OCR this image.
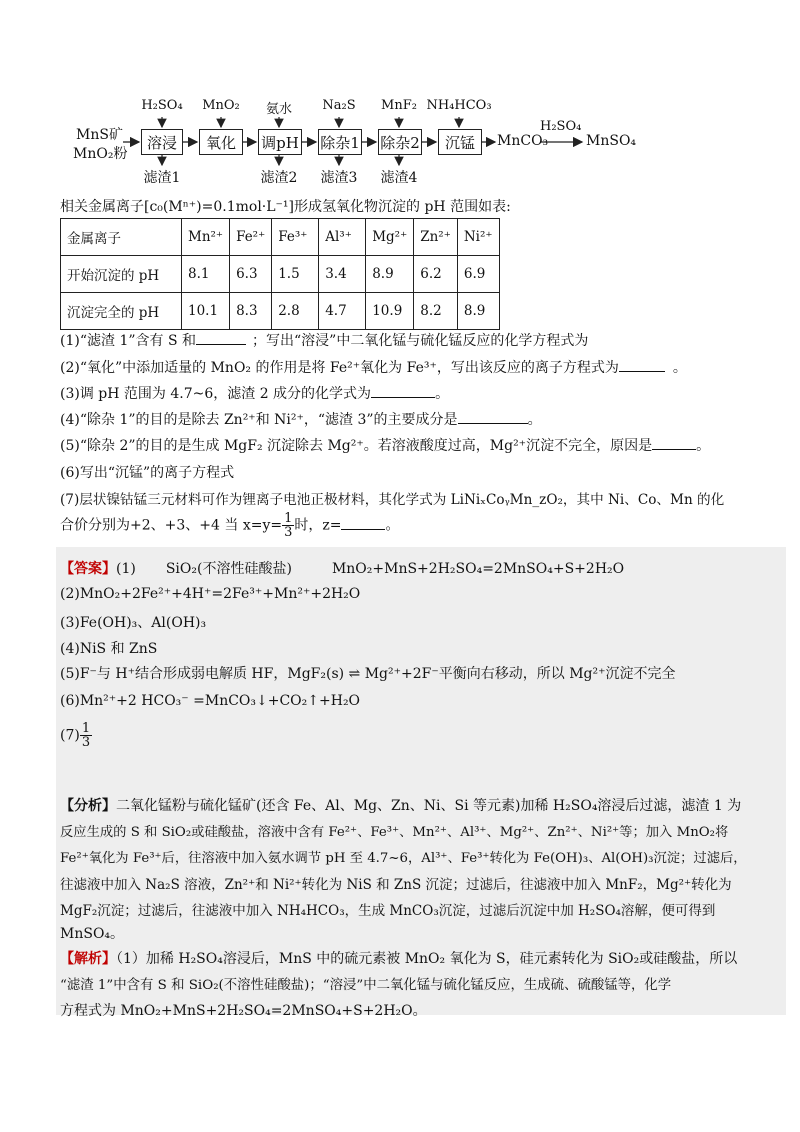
MnS矿
MnO₂粉
H₂SO₄	MnO₂	氨水	Na₂S	MnF₂ NH₄HCO₃
溶浸	氧化	调pH 除杂1 除杂2	沉锰	MnCO₃
H₂SO₄
MnSO₄
滤渣1	滤渣2	滤渣3	滤渣4
相关金属离子[c₀(Mⁿ⁺)=0.1mol·L⁻¹]形成氢氧化物沉淀的 pH 范围如表:
金属离子	Mn²⁺	Fe²⁺	Fe³⁺	Al³⁺	Mg²⁺	Zn²⁺	Ni²⁺
开始沉淀的 pH	8.1	6.3	1.5	3.4	8.9	6.2	6.9
沉淀完全的 pH	10.1	8.3	2.8	4.7	10.9	8.2	8.9
(1)“滤渣 1”含有 S 和	；写出“溶浸”中二氧化锰与硫化锰反应的化学方程式为
(2)“氧化”中添加适量的 MnO₂ 的作用是将 Fe²⁺氧化为 Fe³⁺，写出该反应的离子方程式为	。
(3)调 pH 范围为 4.7~6，滤渣 2 成分的化学式为	。
(4)“除杂 1”的目的是除去 Zn²⁺和 Ni²⁺，“滤渣 3”的主要成分是	。
(5)“除杂 2”的目的是生成 MgF₂ 沉淀除去 Mg²⁺。若溶液酸度过高，Mg²⁺沉淀不完全，原因是	。
(6)写出“沉锰”的离子方程式
(7)层状镍钴锰三元材料可作为锂离子电池正极材料，其化学式为 LiNiₓCoᵧMn_zO₂，其中 Ni、Co、Mn 的化
合价分别为+2、+3、+4 当 $x=y= \frac{1}{3}$ 时，z=	。
【答案】(1) SiO₂(不溶性硅酸盐)	MnO₂+MnS+2H₂SO₄=2MnSO₄+S+2H₂O
(2)MnO₂+2Fe²⁺+4H⁺=2Fe³⁺+Mn²⁺+2H₂O
(3)Fe(OH)₃、Al(OH)₃
(4)NiS 和 ZnS
(5)F⁻与 H⁺结合形成弱电解质 HF，MgF₂(s) ⇌ Mg²⁺+2F⁻平衡向右移动，所以 Mg²⁺沉淀不完全
(6)Mn²⁺+2 HCO₃⁻ =MnCO₃↓+CO₂↑+H₂O
$(7) \frac{1}{3}$
【分析】二氧化锰粉与硫化锰矿(还含 Fe、Al、Mg、Zn、Ni、Si 等元素)加稀 H₂SO₄溶浸后过滤，滤渣 1 为
反应生成的 S 和 SiO₂或硅酸盐，溶液中含有 Fe²⁺、Fe³⁺、Mn²⁺、Al³⁺、Mg²⁺、Zn²⁺、Ni²⁺等；加入 MnO₂将
Fe²⁺氧化为 Fe³⁺后，往溶液中加入氨水调节 pH 至 4.7~6，Al³⁺、Fe³⁺转化为 Fe(OH)₃、Al(OH)₃沉淀；过滤后，
往滤液中加入 Na₂S 溶液，Zn²⁺和 Ni²⁺转化为 NiS 和 ZnS 沉淀；过滤后，往滤液中加入 MnF₂，Mg²⁺转化为
MgF₂沉淀；过滤后，往滤液中加入 NH₄HCO₃，生成 MnCO₃沉淀，过滤后沉淀中加 H₂SO₄溶解，便可得到
MnSO₄。
【解析】（1）加稀 H₂SO₄溶浸后，MnS 中的硫元素被 MnO₂ 氧化为 S，硅元素转化为 SiO₂或硅酸盐，所以
“滤渣 1”中含有 S 和 SiO₂(不溶性硅酸盐)；“溶浸”中二氧化锰与硫化锰反应，生成硫、硫酸锰等，化学
方程式为 MnO₂+MnS+2H₂SO₄=2MnSO₄+S+2H₂O。
